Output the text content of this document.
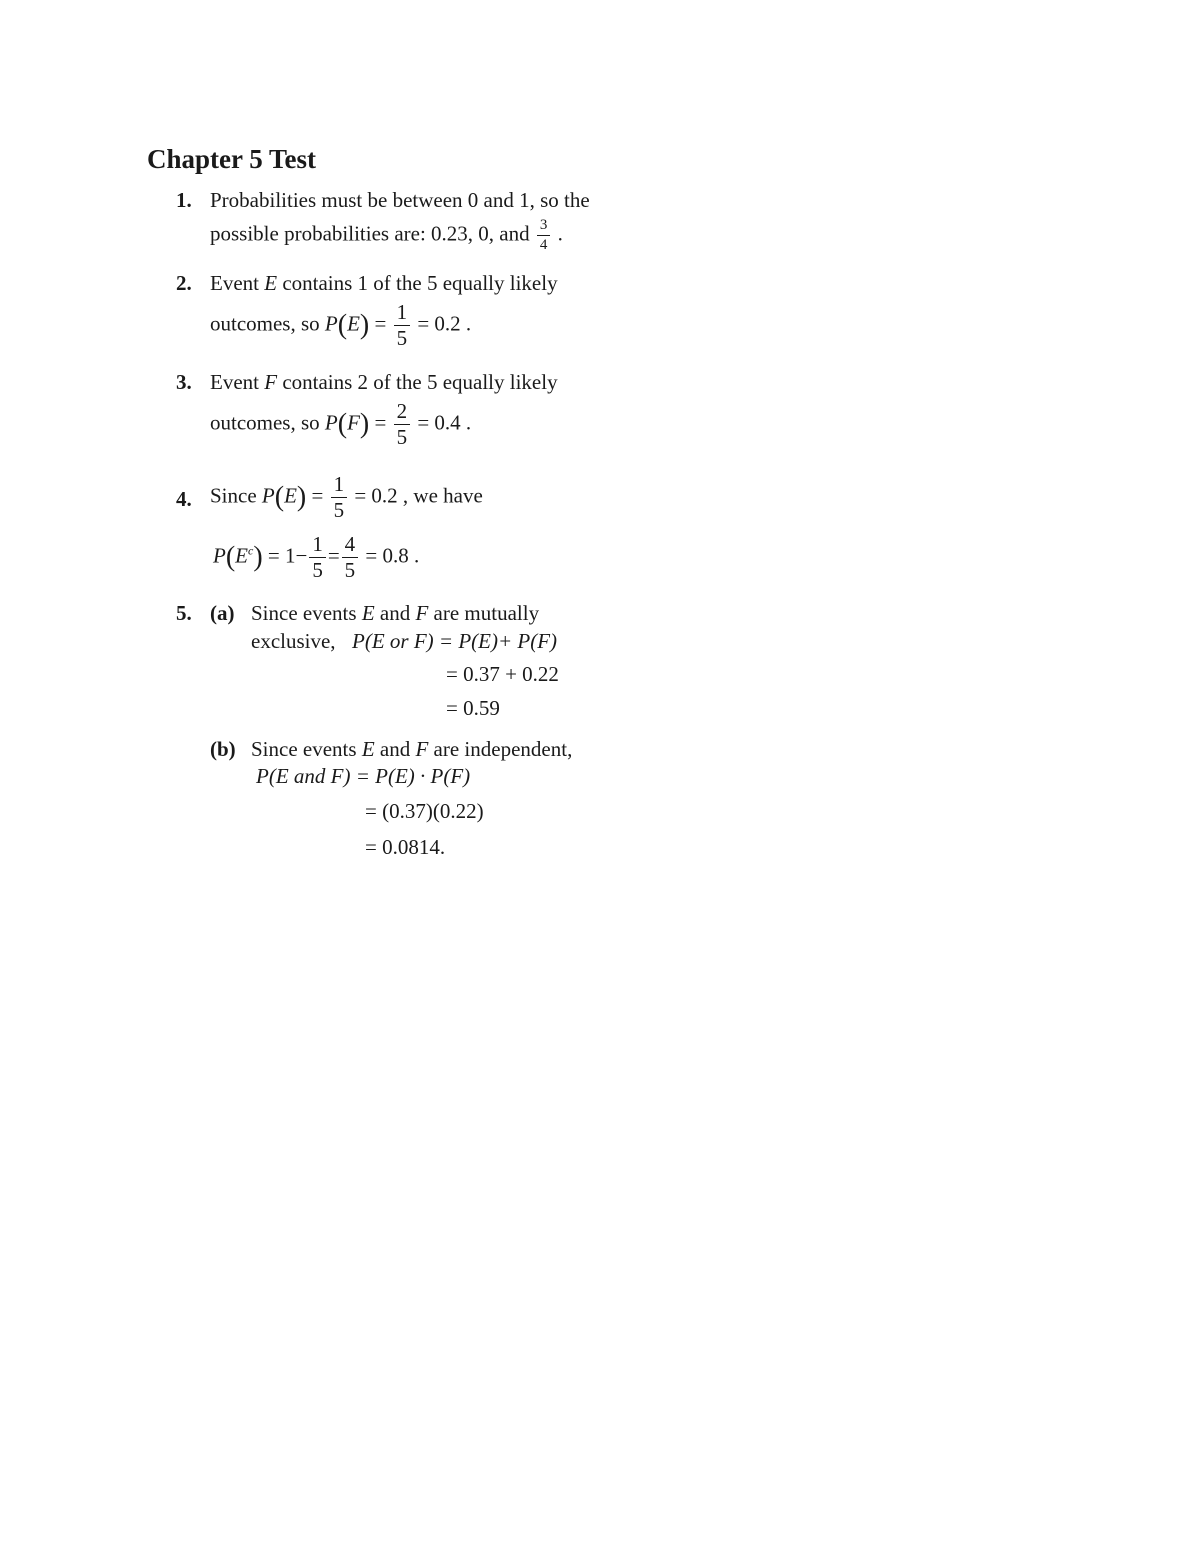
Chapter 5 Test
1. Probabilities must be between 0 and 1, so the
possible probabilities are: 0.23, 0, and $\frac{3}{4}$ .
2. Event E contains 1 of the 5 equally likely
outcomes, so $P(E) = \frac{1}{5} = 0.2$ .
3. Event F contains 2 of the 5 equally likely
outcomes, so $P(F) = \frac{2}{5} = 0.4$ .
4. Since $P(E) = \frac{1}{5} = 0.2$ , we have
$P(E^c) = 1- \frac{1}{5} = \frac{4}{5} = 0.8$ .
5. (a) Since events E and F are mutually
exclusive, P(E or F) = P(E)+ P(F)
= 0.37 + 0.22
= 0.59
(b) Since events E and F are independent,
P(E and F) = P(E) · P(F)
= (0.37)(0.22)
= 0.0814.
